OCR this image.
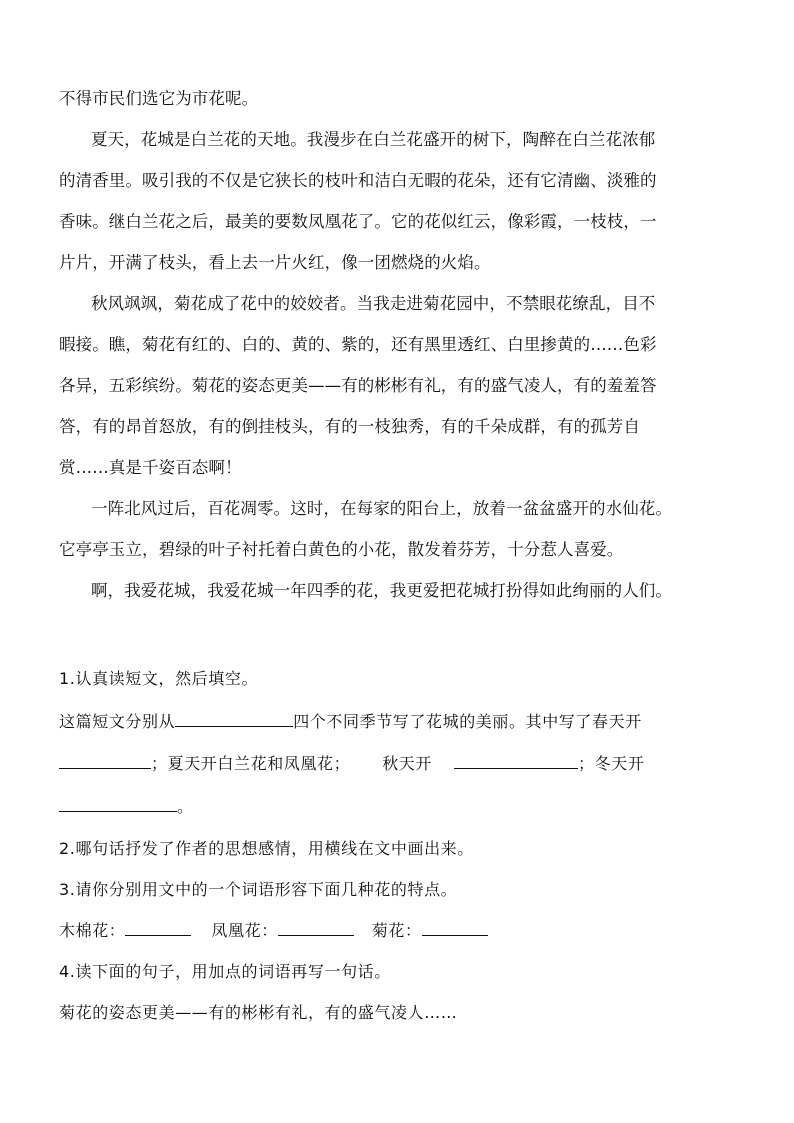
不得市民们选它为市花呢。
夏天，花城是白兰花的天地。我漫步在白兰花盛开的树下，陶醉在白兰花浓郁
的清香里。吸引我的不仅是它狭长的枝叶和洁白无暇的花朵，还有它清幽、淡雅的
香味。继白兰花之后，最美的要数凤凰花了。它的花似红云，像彩霞，一枝枝，一
片片，开满了枝头，看上去一片火红，像一团燃烧的火焰。
秋风飒飒，菊花成了花中的姣姣者。当我走进菊花园中，不禁眼花缭乱，目不
暇接。瞧，菊花有红的、白的、黄的、紫的，还有黑里透红、白里掺黄的……色彩
各异，五彩缤纷。菊花的姿态更美——有的彬彬有礼，有的盛气凌人，有的羞羞答
答，有的昂首怒放，有的倒挂枝头，有的一枝独秀，有的千朵成群，有的孤芳自
赏……真是千姿百态啊！
一阵北风过后，百花凋零。这时，在每家的阳台上，放着一盆盆盛开的水仙花。
它亭亭玉立，碧绿的叶子衬托着白黄色的小花，散发着芬芳，十分惹人喜爱。
啊，我爱花城，我爱花城一年四季的花，我更爱把花城打扮得如此绚丽的人们。
1.认真读短文，然后填空。
这篇短文分别从	四个不同季节写了花城的美丽。其中写了春天开
；夏天开白兰花和凤凰花； 秋天开	；冬天开
。
2.哪句话抒发了作者的思想感情，用横线在文中画出来。
3.请你分别用文中的一个词语形容下面几种花的特点。
木棉花：	凤凰花：	菊花：
4.读下面的句子，用加点的词语再写一句话。
菊花的姿态更美——有的彬彬有礼，有的盛气凌人……
